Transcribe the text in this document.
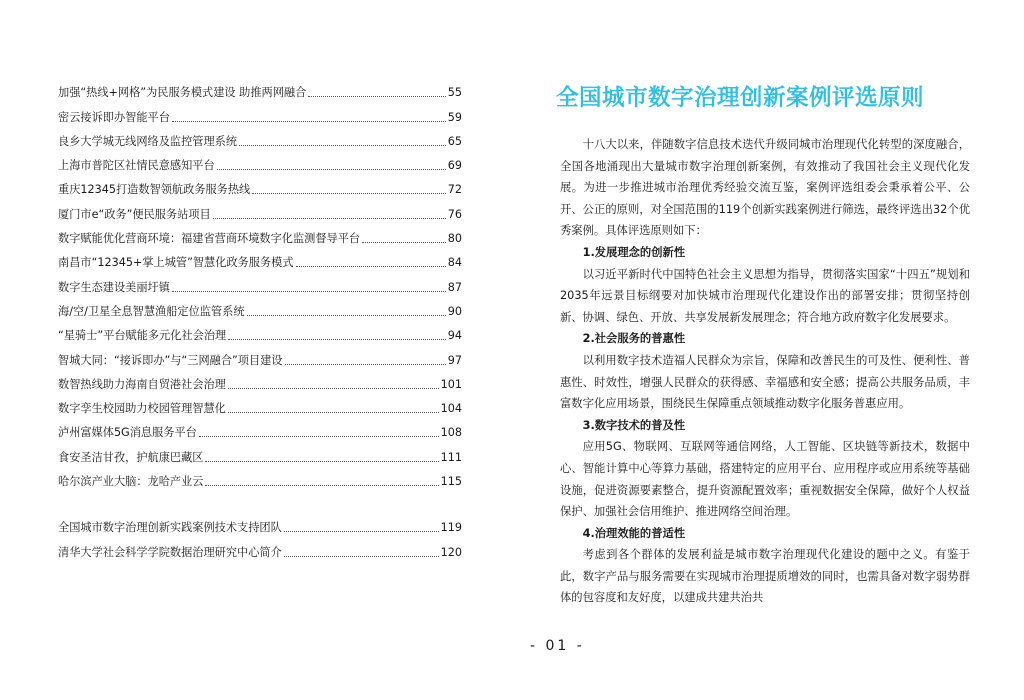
加强“热线+网格”为民服务模式建设 助推两网融合	55
密云接诉即办智能平台	59
良乡大学城无线网络及监控管理系统	65
上海市普陀区社情民意感知平台	69
重庆12345打造数智领航政务服务热线	72
厦门市e“政务”便民服务站项目	76
数字赋能优化营商环境：福建省营商环境数字化监测督导平台	80
南昌市“12345+掌上城管”智慧化政务服务模式	84
数字生态建设美丽圩镇	87
海/空/卫星全息智慧渔船定位监管系统	90
“星骑士”平台赋能多元化社会治理	94
智城大同：“接诉即办”与“三网融合”项目建设	97
数智热线助力海南自贸港社会治理	101
数字孪生校园助力校园管理智慧化	104
泸州富媒体5G消息服务平台	108
食安圣洁甘孜，护航康巴藏区	111
哈尔滨产业大脑：龙哈产业云	115
全国城市数字治理创新实践案例技术支持团队	119
清华大学社会科学学院数据治理研究中心简介	120
全国城市数字治理创新案例评选原则

十八大以来，伴随数字信息技术迭代升级同城市治理现代化转型的深度融合，全国各地涌现出大量城市数字治理创新案例，有效推动了我国社会主义现代化发展。为进一步推进城市治理优秀经验交流互鉴，案例评选组委会秉承着公平、公开、公正的原则，对全国范围的119个创新实践案例进行筛选，最终评选出32个优秀案例。具体评选原则如下：

1.发展理念的创新性

以习近平新时代中国特色社会主义思想为指导，贯彻落实国家“十四五”规划和2035年远景目标纲要对加快城市治理现代化建设作出的部署安排；贯彻坚持创新、协调、绿色、开放、共享发展新发展理念；符合地方政府数字化发展要求。

2.社会服务的普惠性

以利用数字技术造福人民群众为宗旨，保障和改善民生的可及性、便利性、普惠性、时效性，增强人民群众的获得感、幸福感和安全感；提高公共服务品质，丰富数字化应用场景，围绕民生保障重点领域推动数字化服务普惠应用。

3.数字技术的普及性

应用5G、物联网、互联网等通信网络，人工智能、区块链等新技术，数据中心、智能计算中心等算力基础，搭建特定的应用平台、应用程序或应用系统等基础设施，促进资源要素整合，提升资源配置效率；重视数据安全保障，做好个人权益保护、加强社会信用维护、推进网络空间治理。

4.治理效能的普适性

考虑到各个群体的发展利益是城市数字治理现代化建设的题中之义。有鉴于此，数字产品与服务需要在实现城市治理提质增效的同时，也需具备对数字弱势群体的包容度和友好度，以建成共建共治共

- 01 -
